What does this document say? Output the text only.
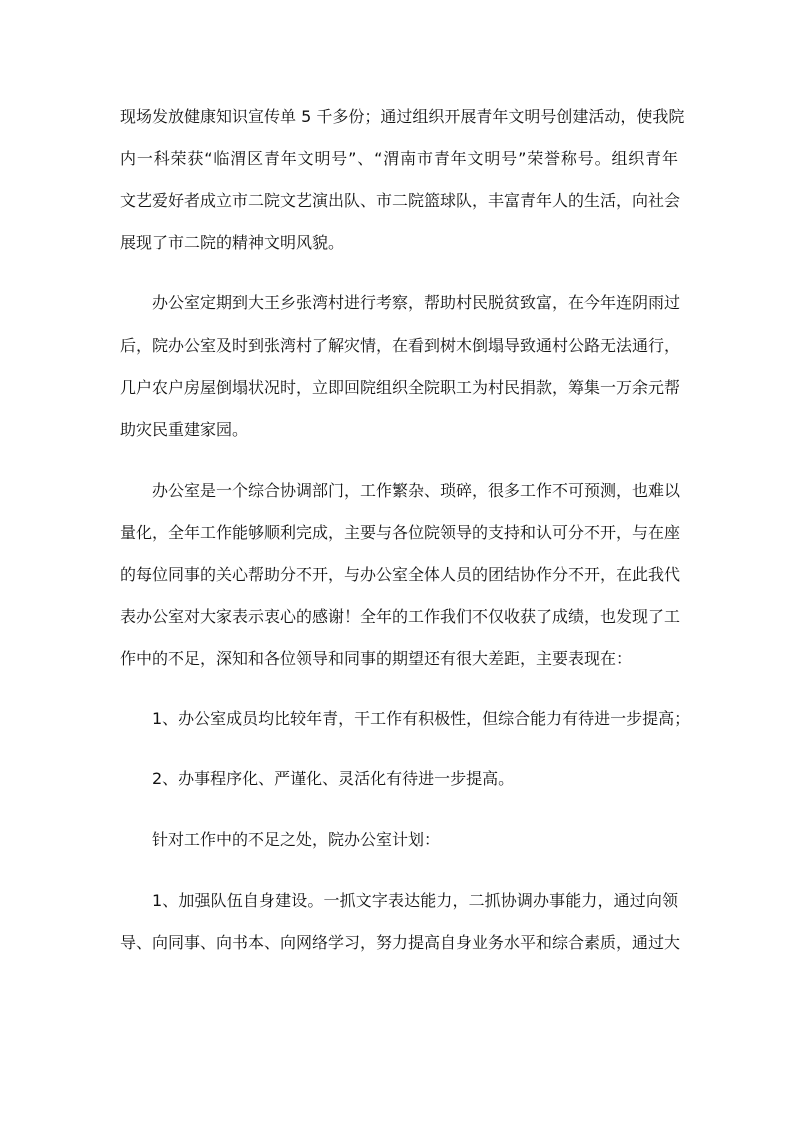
现场发放健康知识宣传单 5 千多份；通过组织开展青年文明号创建活动，使我院
内一科荣获“临渭区青年文明号”、“渭南市青年文明号”荣誉称号。组织青年
文艺爱好者成立市二院文艺演出队、市二院篮球队，丰富青年人的生活，向社会
展现了市二院的精神文明风貌。
办公室定期到大王乡张湾村进行考察，帮助村民脱贫致富，在今年连阴雨过
后，院办公室及时到张湾村了解灾情，在看到树木倒塌导致通村公路无法通行，
几户农户房屋倒塌状况时，立即回院组织全院职工为村民捐款，筹集一万余元帮
助灾民重建家园。
办公室是一个综合协调部门，工作繁杂、琐碎，很多工作不可预测，也难以
量化，全年工作能够顺利完成，主要与各位院领导的支持和认可分不开，与在座
的每位同事的关心帮助分不开，与办公室全体人员的团结协作分不开，在此我代
表办公室对大家表示衷心的感谢！全年的工作我们不仅收获了成绩，也发现了工
作中的不足，深知和各位领导和同事的期望还有很大差距，主要表现在：
1、办公室成员均比较年青，干工作有积极性，但综合能力有待进一步提高；
2、办事程序化、严谨化、灵活化有待进一步提高。
针对工作中的不足之处，院办公室计划：
1、加强队伍自身建设。一抓文字表达能力，二抓协调办事能力，通过向领
导、向同事、向书本、向网络学习，努力提高自身业务水平和综合素质，通过大
